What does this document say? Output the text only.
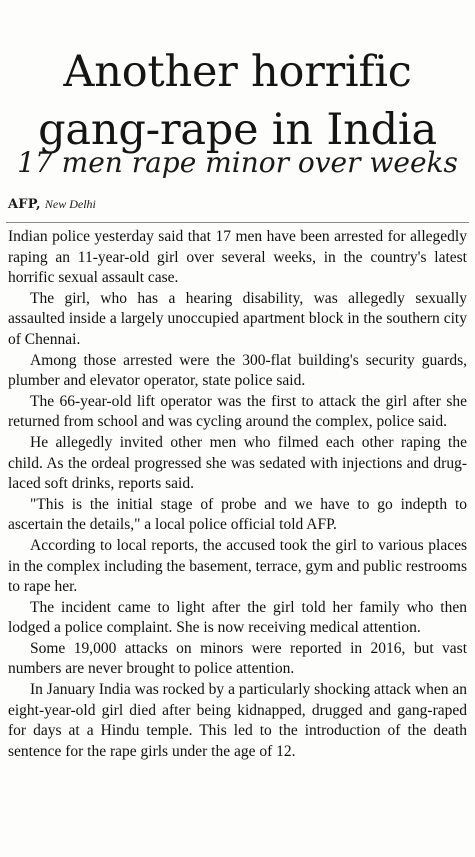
Another horrific
gang-rape in India
17 men rape minor over weeks
AFP, New Delhi

Indian police yesterday said that 17 men have been arrested for allegedly raping an 11-year-old girl over several weeks, in the country's latest horrific sexual assault case.

The girl, who has a hearing disability, was allegedly sexually assaulted inside a largely unoccupied apartment block in the southern city of Chennai.

Among those arrested were the 300-flat building's security guards, plumber and elevator operator, state police said.

The 66-year-old lift operator was the first to attack the girl after she returned from school and was cycling around the complex, police said.

He allegedly invited other men who filmed each other raping the child. As the ordeal progressed she was sedated with injections and drug-laced soft drinks, reports said.

"This is the initial stage of probe and we have to go indepth to ascertain the details," a local police official told AFP.

According to local reports, the accused took the girl to various places in the complex including the basement, terrace, gym and public restrooms to rape her.

The incident came to light after the girl told her family who then lodged a police complaint. She is now receiving medical attention.

Some 19,000 attacks on minors were reported in 2016, but vast numbers are never brought to police attention.

In January India was rocked by a particularly shocking attack when an eight-year-old girl died after being kidnapped, drugged and gang-raped for days at a Hindu temple. This led to the introduction of the death sentence for the rape girls under the age of 12.
